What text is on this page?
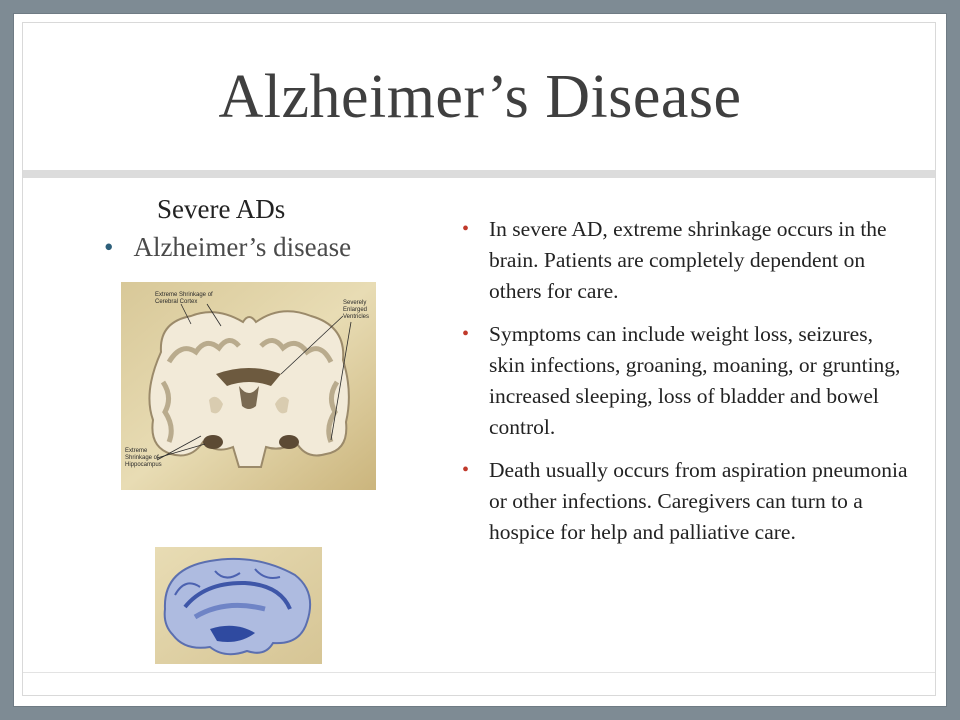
Alzheimer’s Disease
Severe ADs
• Alzheimer’s disease
Extreme Shrinkage of
Cerebral Cortex	Severely
Enlarged
Ventricles
Extreme
Shrinkage of
Hippocampus
• In severe AD, extreme shrinkage occurs in the brain. Patients are completely dependent on others for care.
• Symptoms can include weight loss, seizures, skin infections, groaning, moaning, or grunting, increased sleeping, loss of bladder and bowel control.
• Death usually occurs from aspiration pneumonia or other infections. Caregivers can turn to a hospice for help and palliative care.
